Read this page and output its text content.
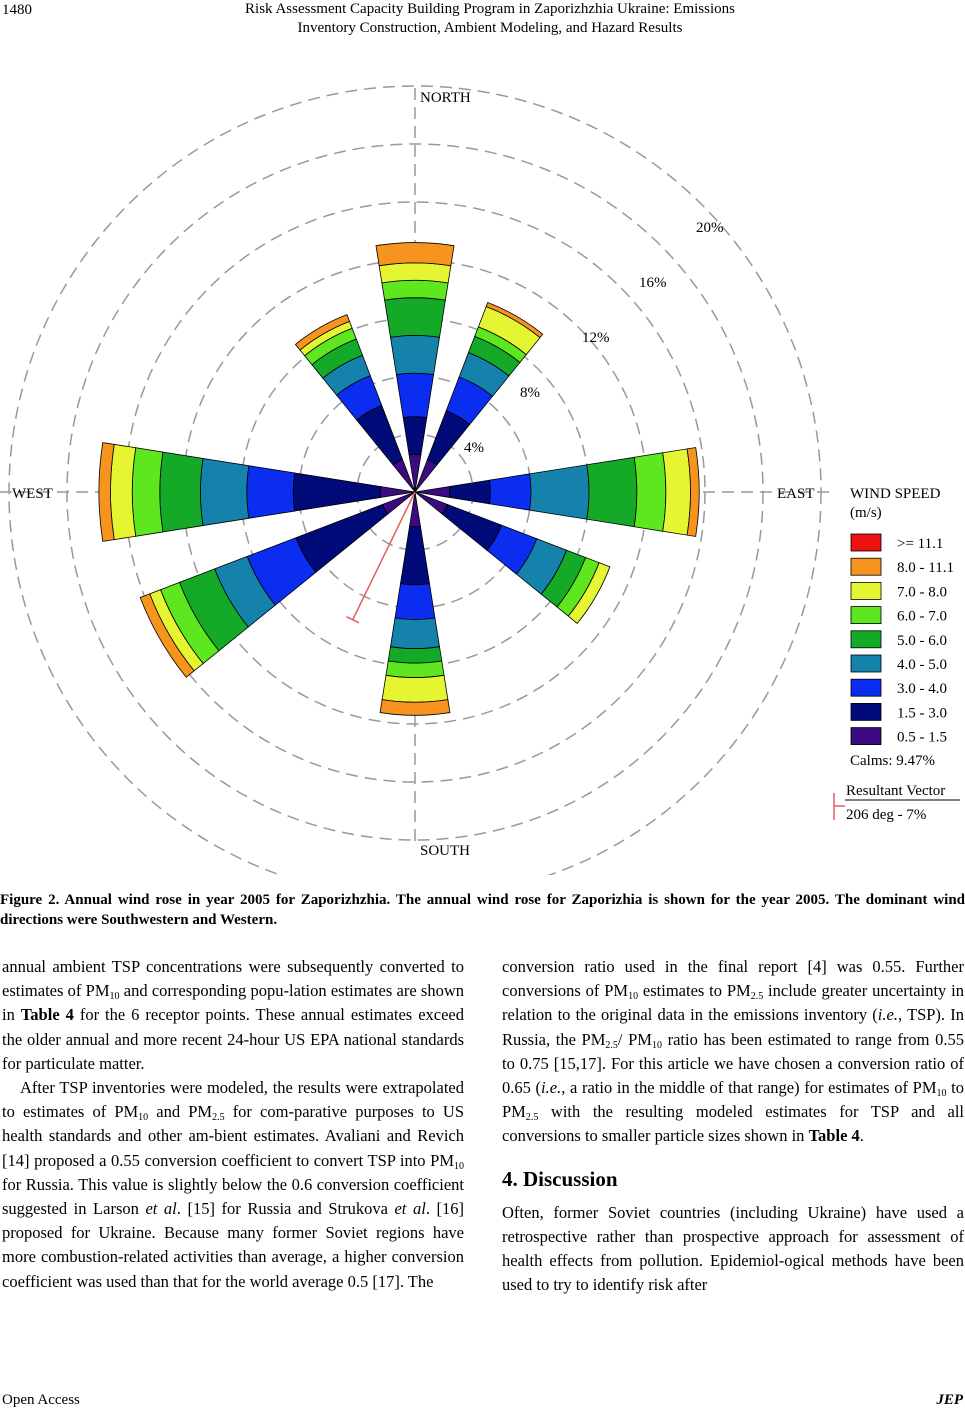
1480	Risk Assessment Capacity Building Program in Zaporizhzhia Ukraine: Emissions
Inventory Construction, Ambient Modeling, and Hazard Results
4%
8%
12%
16%
20%
NORTH
SOUTH
WEST	EAST WIND SPEED
(m/s)
>= 11.1
8.0 - 11.1
7.0 - 8.0
6.0 - 7.0
5.0 - 6.0
4.0 - 5.0
3.0 - 4.0
1.5 - 3.0
0.5 - 1.5
Calms: 9.47%
Resultant Vector
206 deg - 7%
Figure 2. Annual wind rose in year 2005 for Zaporizhzhia. The annual wind rose for Zaporizhia is shown for the year 2005. The dominant wind directions were Southwestern and Western.

annual ambient TSP concentrations were subsequently converted to estimates of $PM_{10}$ and corresponding popu-lation estimates are shown in Table 4 for the 6 receptor points. These annual estimates exceed the older annual and more recent 24-hour US EPA national standards for particulate matter.

After TSP inventories were modeled, the results were extrapolated to estimates of $PM_{10}$ and $PM_{2.5}$ for com-parative purposes to US health standards and other am-bient estimates. Avaliani and Revich [14] proposed a 0.55 conversion coefficient to convert TSP into $PM_{10}$ for Russia. This value is slightly below the 0.6 conversion coefficient suggested in Larson et al. [15] for Russia and Strukova et al. [16] proposed for Ukraine. Because many former Soviet regions have more combustion-related activities than average, a higher conversion coefficient was used than that for the world average 0.5 [17]. The

conversion ratio used in the final report [4] was 0.55. Further conversions of $PM_{10}$ estimates to $PM_{2.5}$ include greater uncertainty in relation to the original data in the emissions inventory (i.e., TSP). In Russia, the $PM_{2.5}/$ $PM_{10}$ ratio has been estimated to range from 0.55 to 0.75 [15,17]. For this article we have chosen a conversion ratio of 0.65 (i.e., a ratio in the middle of that range) for estimates of $PM_{10}$ to $PM_{2.5}$ with the resulting modeled estimates for TSP and all conversions to smaller particle sizes shown in Table 4.

4. Discussion

Often, former Soviet countries (including Ukraine) have used a retrospective rather than prospective approach for assessment of health effects from pollution. Epidemiol-ogical methods have been used to try to identify risk after

Open Access	JEP
